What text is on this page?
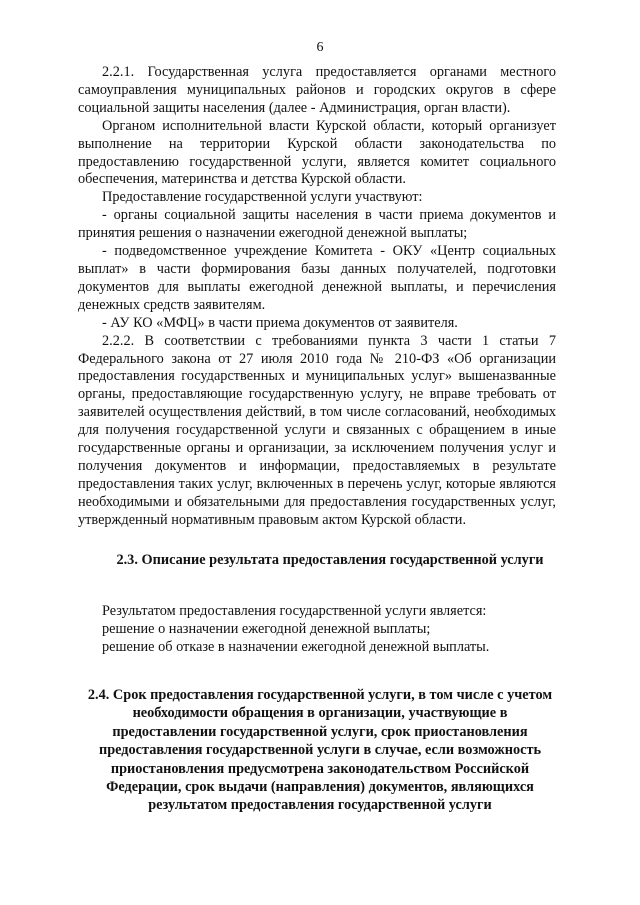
6

2.2.1. Государственная услуга предоставляется органами местного самоуправления муниципальных районов и городских округов в сфере социальной защиты населения (далее - Администрация, орган власти).

Органом исполнительной власти Курской области, который организует выполнение на территории Курской области законодательства по предоставлению государственной услуги, является комитет социального обеспечения, материнства и детства Курской области.

Предоставление государственной услуги участвуют:

- органы социальной защиты населения в части приема документов и принятия решения о назначении ежегодной денежной выплаты;

- подведомственное учреждение Комитета - ОКУ «Центр социальных выплат» в части формирования базы данных получателей, подготовки документов для выплаты ежегодной денежной выплаты, и перечисления денежных средств заявителям.

- АУ КО «МФЦ» в части приема документов от заявителя.

2.2.2. В соответствии с требованиями пункта 3 части 1 статьи 7 Федерального закона от 27 июля 2010 года № 210-ФЗ «Об организации предоставления государственных и муниципальных услуг» вышеназванные органы, предоставляющие государственную услугу, не вправе требовать от заявителей осуществления действий, в том числе согласований, необходимых для получения государственной услуги и связанных с обращением в иные государственные органы и организации, за исключением получения услуг и получения документов и информации, предоставляемых в результате предоставления таких услуг, включенных в перечень услуг, которые являются необходимыми и обязательными для предоставления государственных услуг, утвержденный нормативным правовым актом Курской области.

2.3. Описание результата предоставления государственной услуги

Результатом предоставления государственной услуги является:

решение о назначении ежегодной денежной выплаты;

решение об отказе в назначении ежегодной денежной выплаты.

2.4. Срок предоставления государственной услуги, в том числе с учетом необходимости обращения в организации, участвующие в предоставлении государственной услуги, срок приостановления предоставления государственной услуги в случае, если возможность приостановления предусмотрена законодательством Российской Федерации, срок выдачи (направления) документов, являющихся результатом предоставления государственной услуги
